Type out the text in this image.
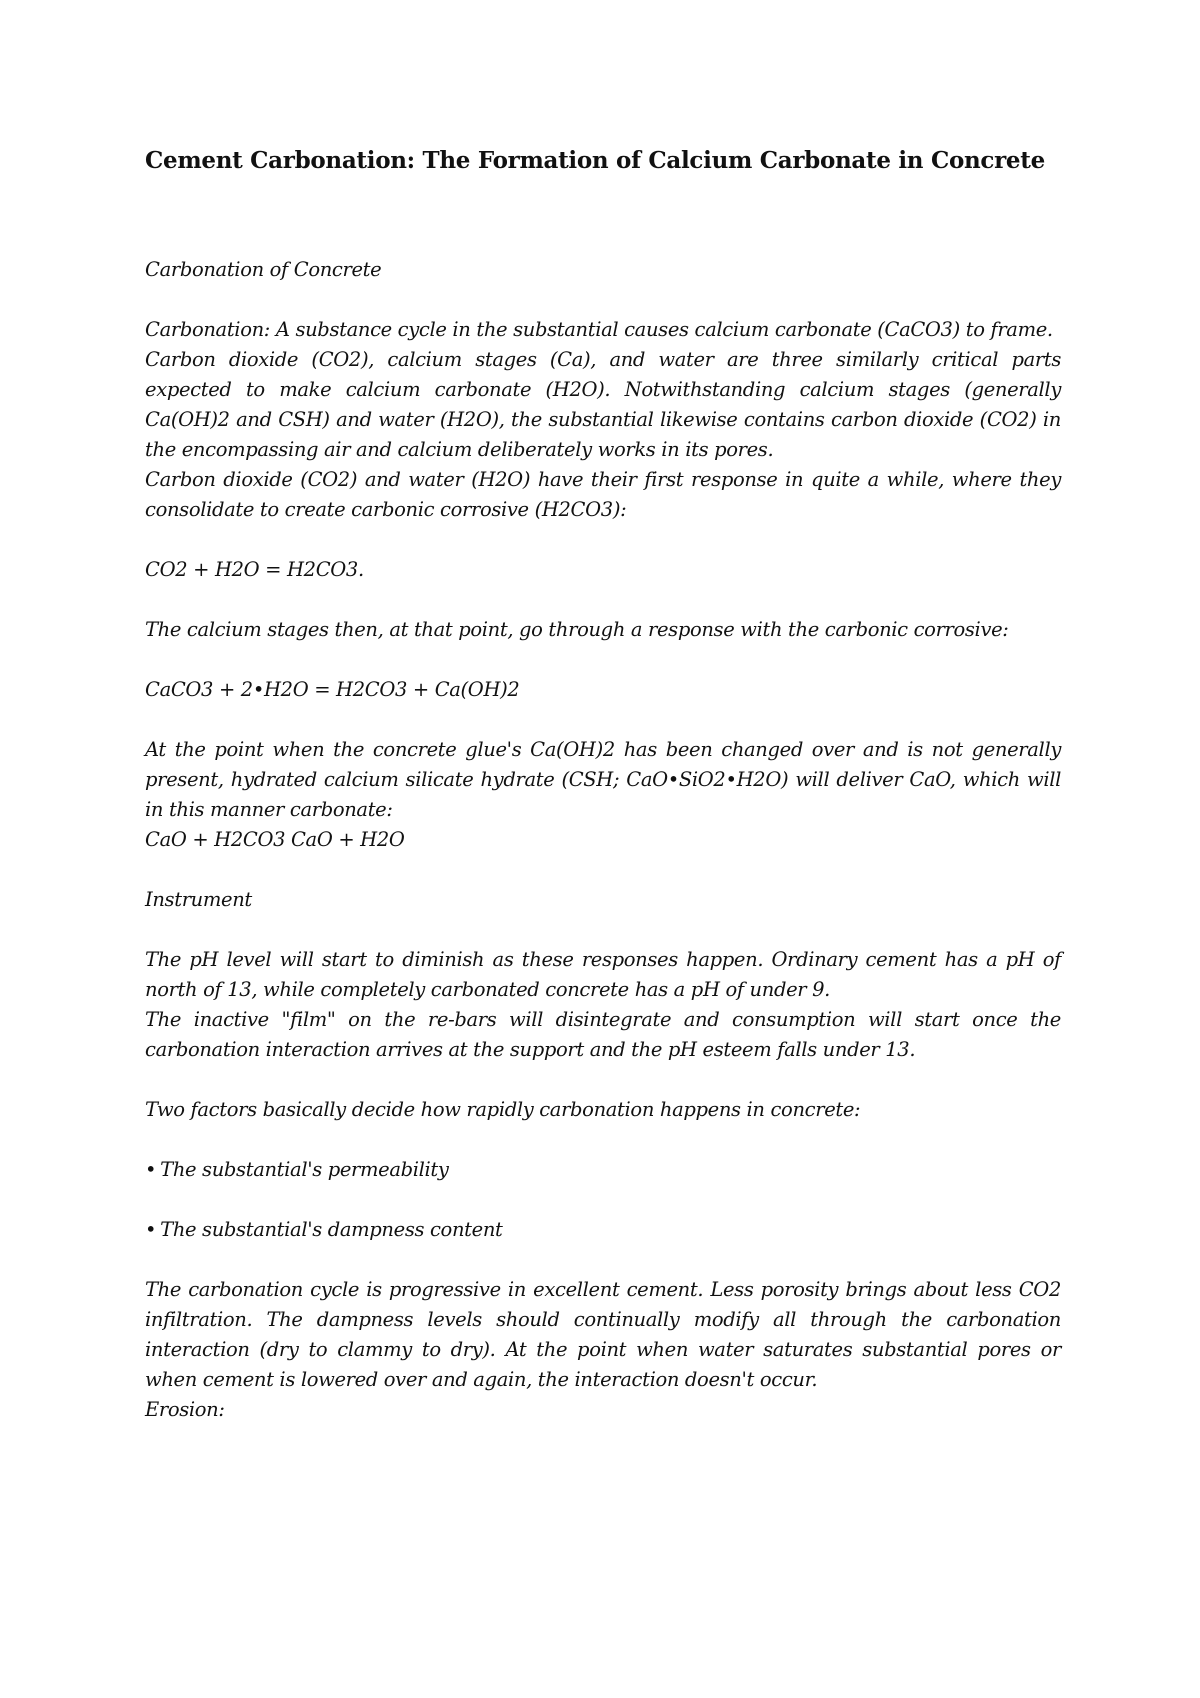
Cement Carbonation: The Formation of Calcium Carbonate in Concrete

Carbonation of Concrete

Carbonation: A substance cycle in the substantial causes calcium carbonate (CaCO3) to frame.

Carbon dioxide (CO2), calcium stages (Ca), and water are three similarly critical parts expected to make calcium carbonate (H2O). Notwithstanding calcium stages (generally Ca(OH)2 and CSH) and water (H2O), the substantial likewise contains carbon dioxide (CO2) in the encompassing air and calcium deliberately works in its pores.

Carbon dioxide (CO2) and water (H2O) have their first response in quite a while, where they consolidate to create carbonic corrosive (H2CO3):

CO2 + H2O = H2CO3.

The calcium stages then, at that point, go through a response with the carbonic corrosive:

CaCO3 + 2•H2O = H2CO3 + Ca(OH)2

At the point when the concrete glue's Ca(OH)2 has been changed over and is not generally present, hydrated calcium silicate hydrate (CSH; CaO•SiO2•H2O) will deliver CaO, which will in this manner carbonate:

CaO + H2CO3 CaO + H2O

Instrument

The pH level will start to diminish as these responses happen. Ordinary cement has a pH of north of 13, while completely carbonated concrete has a pH of under 9.

The inactive "film" on the re-bars will disintegrate and consumption will start once the carbonation interaction arrives at the support and the pH esteem falls under 13.

Two factors basically decide how rapidly carbonation happens in concrete:

• The substantial's permeability

• The substantial's dampness content

The carbonation cycle is progressive in excellent cement. Less porosity brings about less CO2 infiltration. The dampness levels should continually modify all through the carbonation interaction (dry to clammy to dry). At the point when water saturates substantial pores or when cement is lowered over and again, the interaction doesn't occur.

Erosion:
